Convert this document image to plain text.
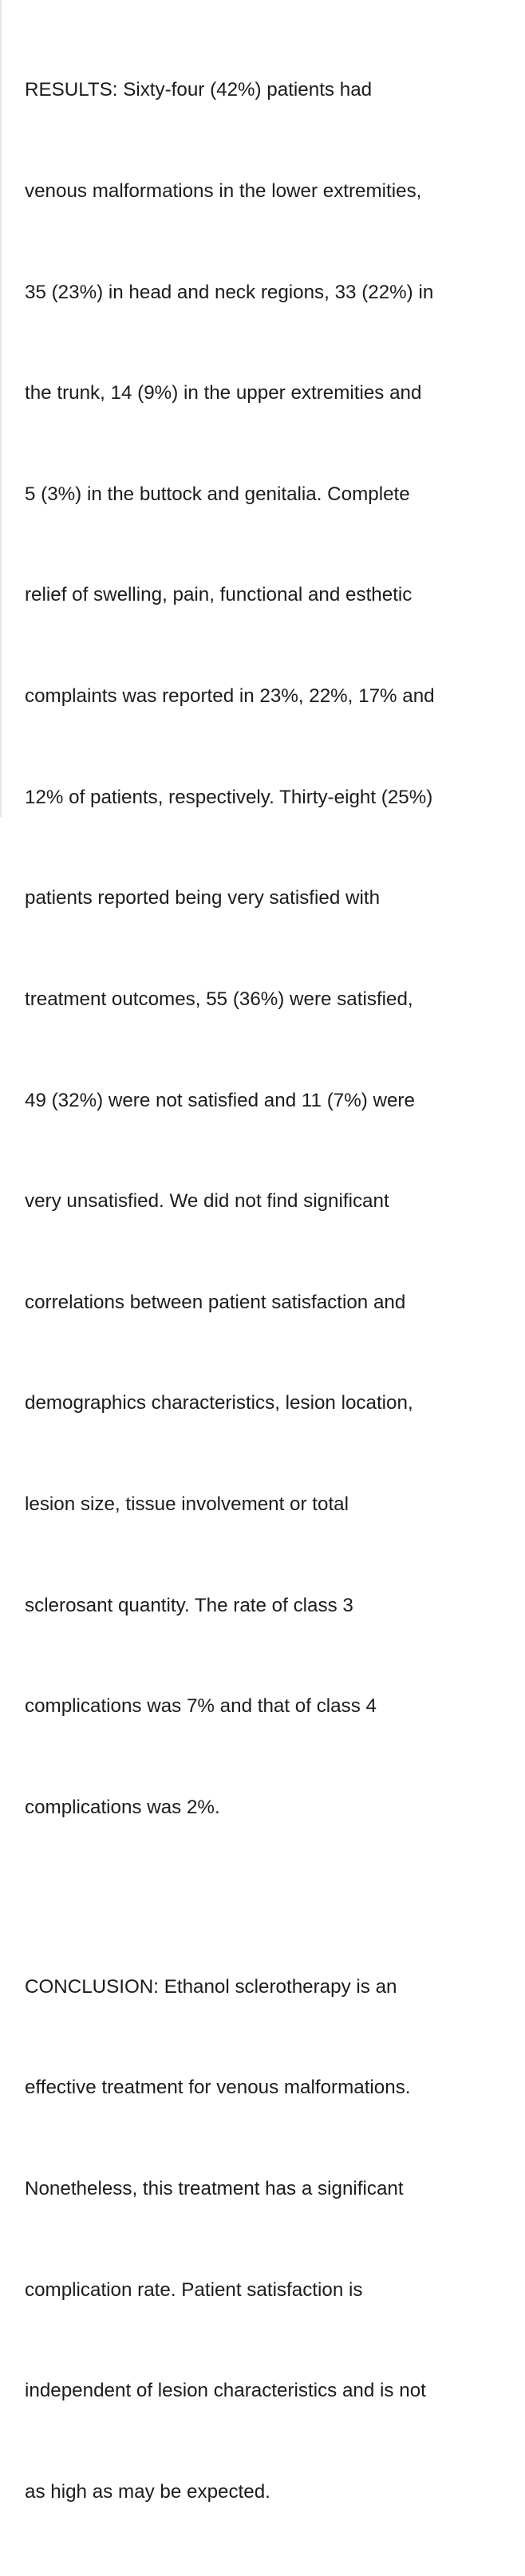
RESULTS: Sixty-four (42%) patients had

venous malformations in the lower extremities,

35 (23%) in head and neck regions, 33 (22%) in

the trunk, 14 (9%) in the upper extremities and

5 (3%) in the buttock and genitalia. Complete

relief of swelling, pain, functional and esthetic

complaints was reported in 23%, 22%, 17% and

12% of patients, respectively. Thirty-eight (25%)

patients reported being very satisfied with

treatment outcomes, 55 (36%) were satisfied,

49 (32%) were not satisfied and 11 (7%) were

very unsatisfied. We did not find significant

correlations between patient satisfaction and

demographics characteristics, lesion location,

lesion size, tissue involvement or total

sclerosant quantity. The rate of class 3

complications was 7% and that of class 4

complications was 2%.

CONCLUSION: Ethanol sclerotherapy is an

effective treatment for venous malformations.

Nonetheless, this treatment has a significant

complication rate. Patient satisfaction is

independent of lesion characteristics and is not

as high as may be expected.
